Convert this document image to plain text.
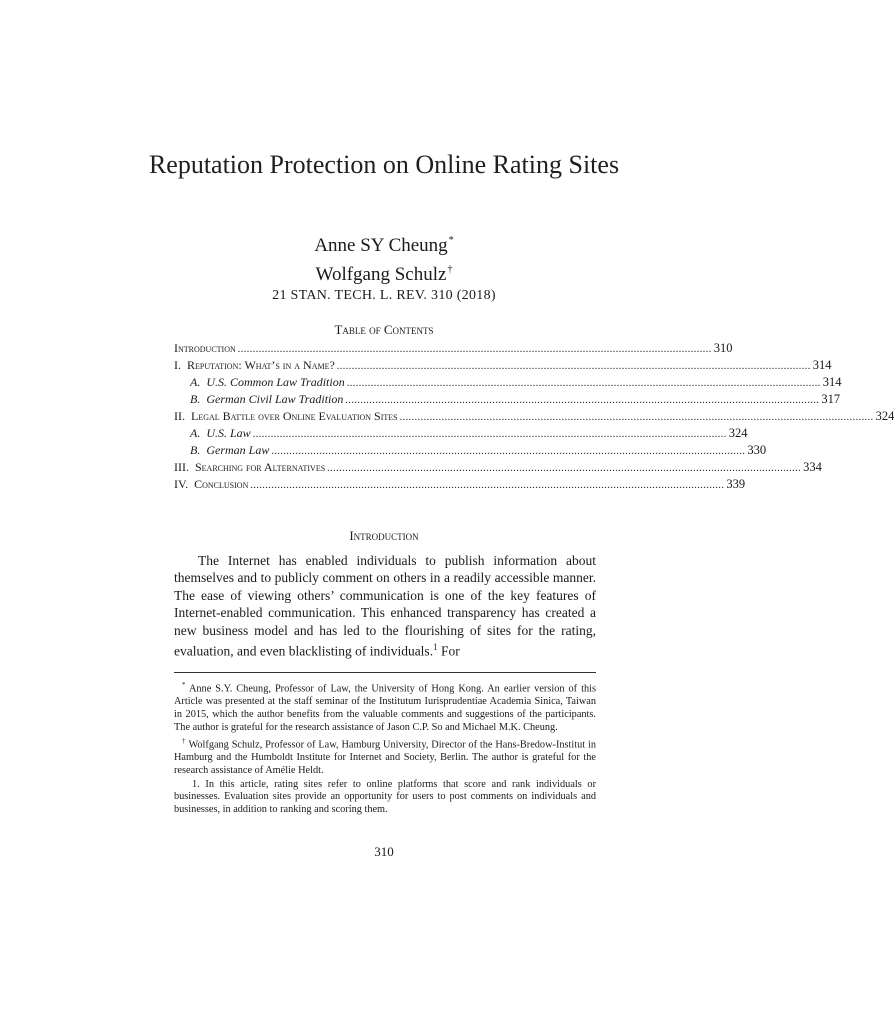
Reputation Protection on Online Rating Sites
Anne SY Cheung*
Wolfgang Schulz†
21 STAN. TECH. L. REV. 310 (2018)
Table of Contents
Introduction .............................................................................................................................................................. 310
I. Reputation: What’s in a Name? .............................................................................................................................................................. 314
A. U.S. Common Law Tradition .............................................................................................................................................................. 314
B. German Civil Law Tradition .............................................................................................................................................................. 317
II. Legal Battle over Online Evaluation Sites .............................................................................................................................................................. 324
A. U.S. Law .............................................................................................................................................................. 324
B. German Law .............................................................................................................................................................. 330
III. Searching for Alternatives .............................................................................................................................................................. 334
IV. Conclusion .............................................................................................................................................................. 339
Introduction

The Internet has enabled individuals to publish information about themselves and to publicly comment on others in a readily accessible manner. The ease of viewing others’ communication is one of the key features of Internet-enabled communication. This enhanced transparency has created a new business model and has led to the flourishing of sites for the rating, evaluation, and even blacklisting of individuals.$^1$ For

* Anne S.Y. Cheung, Professor of Law, the University of Hong Kong. An earlier version of this Article was presented at the staff seminar of the Institutum Iurisprudentiae Academia Sinica, Taiwan in 2015, which the author benefits from the valuable comments and suggestions of the participants. The author is grateful for the research assistance of Jason C.P. So and Michael M.K. Cheung.

† Wolfgang Schulz, Professor of Law, Hamburg University, Director of the Hans-Bredow-Institut in Hamburg and the Humboldt Institute for Internet and Society, Berlin. The author is grateful for the research assistance of Amélie Heldt.

1. In this article, rating sites refer to online platforms that score and rank individuals or businesses. Evaluation sites provide an opportunity for users to post comments on individuals and businesses, in addition to ranking and scoring them.

310
